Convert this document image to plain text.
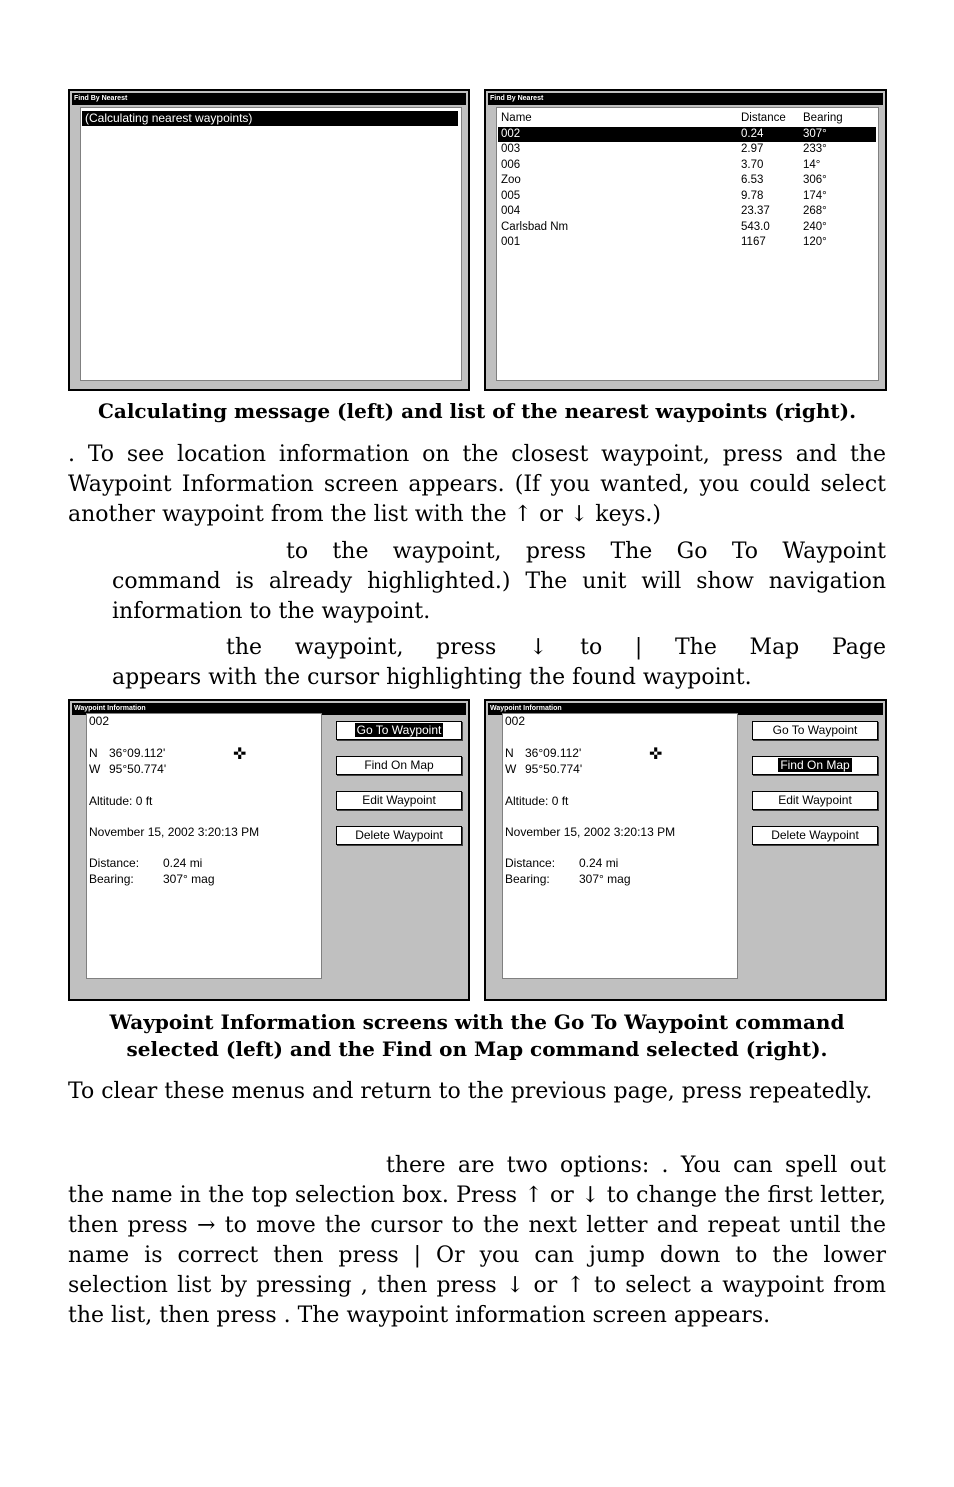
Find By Nearest
(Calculating nearest waypoints)
Find By Nearest
Name	Distance Bearing
002	0.24	307°
003	2.97	233°
006	3.70	14°
Zoo	6.53	306°
005	9.78	174°
004	23.37	268°
Carlsbad Nm	543.0	240°
001	1167	120°
Calculating message (left) and list of the nearest waypoints (right).
. To see location information on the closest waypoint, press and the Waypoint Information screen appears. (If you wanted, you could select another waypoint from the list with the ↑ or ↓ keys.)
to the waypoint, press The Go To Waypoint
command is already highlighted.) The unit will show navigation
information to the waypoint.
the waypoint, press ↓ to | The Map Page
appears with the cursor highlighting the found waypoint.
Waypoint Information
002
N 36°09.112'
W 95°50.774'
✜
Altitude: 0 ft
November 15, 2002 3:20:13 PM
Distance: 0.24 mi
Bearing: 307° mag
Go To Waypoint
Find On Map
Edit Waypoint
Delete Waypoint
Waypoint Information
002
N 36°09.112'
W 95°50.774'
✜
Altitude: 0 ft
November 15, 2002 3:20:13 PM
Distance: 0.24 mi
Bearing: 307° mag
Go To Waypoint
Find On Map
Edit Waypoint
Delete Waypoint
Waypoint Information screens with the Go To Waypoint command
selected (left) and the Find on Map command selected (right).
To clear these menus and return to the previous page, press repeatedly.
there are two options: . You can spell out the name in the top selection box. Press ↑ or ↓ to change the first letter, then press → to move the cursor to the next letter and repeat until the name is correct then press | Or you can jump down to the lower selection list by pressing , then press ↓ or ↑ to select a waypoint from the list, then press . The waypoint information screen appears.
